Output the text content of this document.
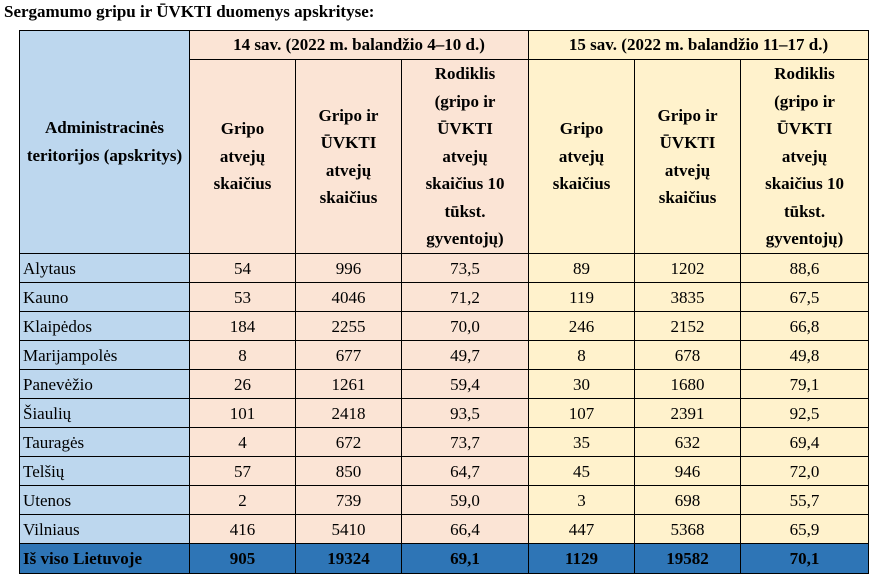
Sergamumo gripu ir ŪVKTI duomenys apskrityse:
Administracinės teritorijos (apskritys)	14 sav. (2022 m. balandžio 4–10 d.)			15 sav. (2022 m. balandžio 11–17 d.)		
	Gripo atvejų skaičius	Gripo ir ŪVKTI atvejų skaičius	Rodiklis (gripo ir ŪVKTI atvejų skaičius 10 tūkst. gyventojų)	Gripo atvejų skaičius	Gripo ir ŪVKTI atvejų skaičius	Rodiklis (gripo ir ŪVKTI atvejų skaičius 10 tūkst. gyventojų)
Alytaus	54	996	73,5	89	1202	88,6
Kauno	53	4046	71,2	119	3835	67,5
Klaipėdos	184	2255	70,0	246	2152	66,8
Marijampolės	8	677	49,7	8	678	49,8
Panevėžio	26	1261	59,4	30	1680	79,1
Šiaulių	101	2418	93,5	107	2391	92,5
Tauragės	4	672	73,7	35	632	69,4
Telšių	57	850	64,7	45	946	72,0
Utenos	2	739	59,0	3	698	55,7
Vilniaus	416	5410	66,4	447	5368	65,9
Iš viso Lietuvoje	905	19324	69,1	1129	19582	70,1
